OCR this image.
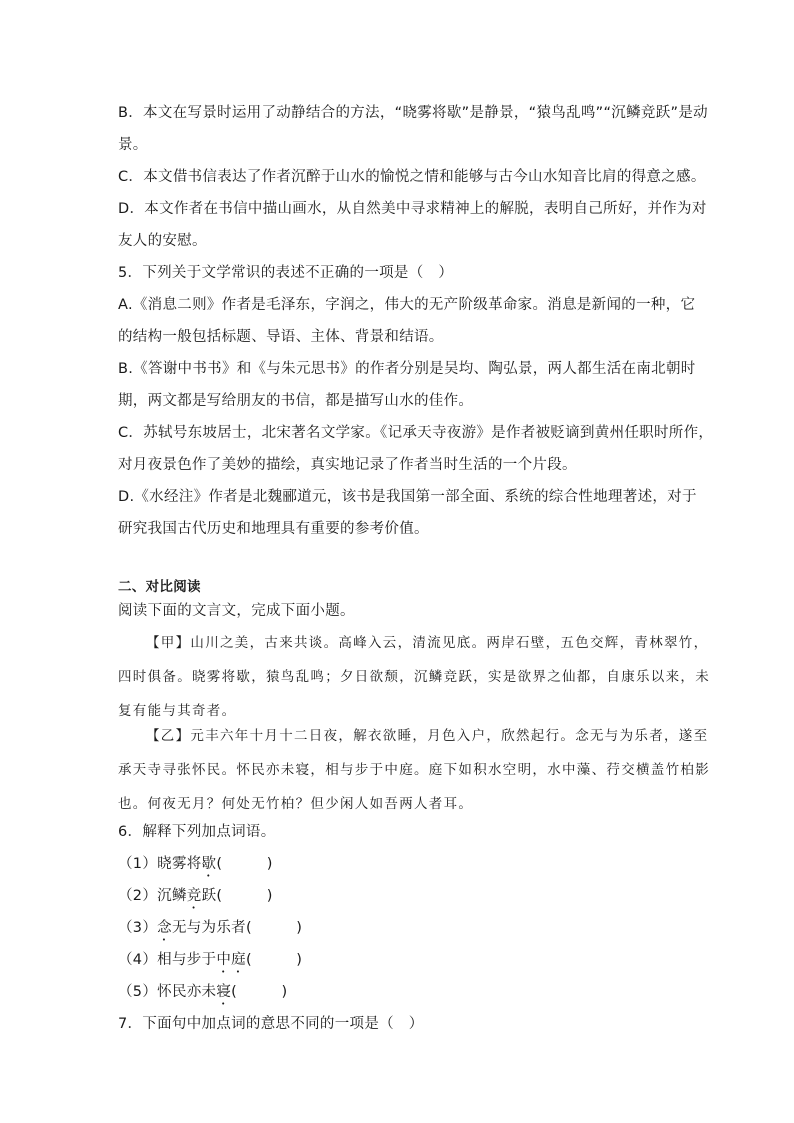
B．本文在写景时运用了动静结合的方法，“晓雾将歇”是静景，“猿鸟乱鸣”“沉鳞竞跃”是动
景。
C．本文借书信表达了作者沉醉于山水的愉悦之情和能够与古今山水知音比肩的得意之感。
D．本文作者在书信中描山画水，从自然美中寻求精神上的解脱，表明自己所好，并作为对
友人的安慰。
5．下列关于文学常识的表述不正确的一项是（　）
A.《消息二则》作者是毛泽东，字润之，伟大的无产阶级革命家。消息是新闻的一种，它
的结构一般包括标题、导语、主体、背景和结语。
B.《答谢中书书》和《与朱元思书》的作者分别是吴均、陶弘景，两人都生活在南北朝时
期，两文都是写给朋友的书信，都是描写山水的佳作。
C．苏轼号东坡居士，北宋著名文学家。《记承天寺夜游》是作者被贬谪到黄州任职时所作，
对月夜景色作了美妙的描绘，真实地记录了作者当时生活的一个片段。
D.《水经注》作者是北魏郦道元，该书是我国第一部全面、系统的综合性地理著述，对于
研究我国古代历史和地理具有重要的参考价值。
二、对比阅读
阅读下面的文言文，完成下面小题。
【甲】山川之美，古来共谈。高峰入云，清流见底。两岸石壁，五色交辉，青林翠竹，
四时俱备。晓雾将歇，猿鸟乱鸣；夕日欲颓，沉鳞竞跃，实是欲界之仙都，自康乐以来，未
复有能与其奇者。
【乙】元丰六年十月十二日夜，解衣欲睡，月色入户，欣然起行。念无与为乐者，遂至
承天寺寻张怀民。怀民亦未寝，相与步于中庭。庭下如积水空明，水中藻、荇交横盖竹柏影
也。何夜无月？何处无竹柏？但少闲人如吾两人者耳。
6．解释下列加点词语。
（1）晓雾将歇(　　　)
（2）沉鳞竞跃(　　　)
（3）念无与为乐者(　　　)
（4）相与步于中庭(　　　)
（5）怀民亦未寝(　　　)
7．下面句中加点词的意思不同的一项是（　）
